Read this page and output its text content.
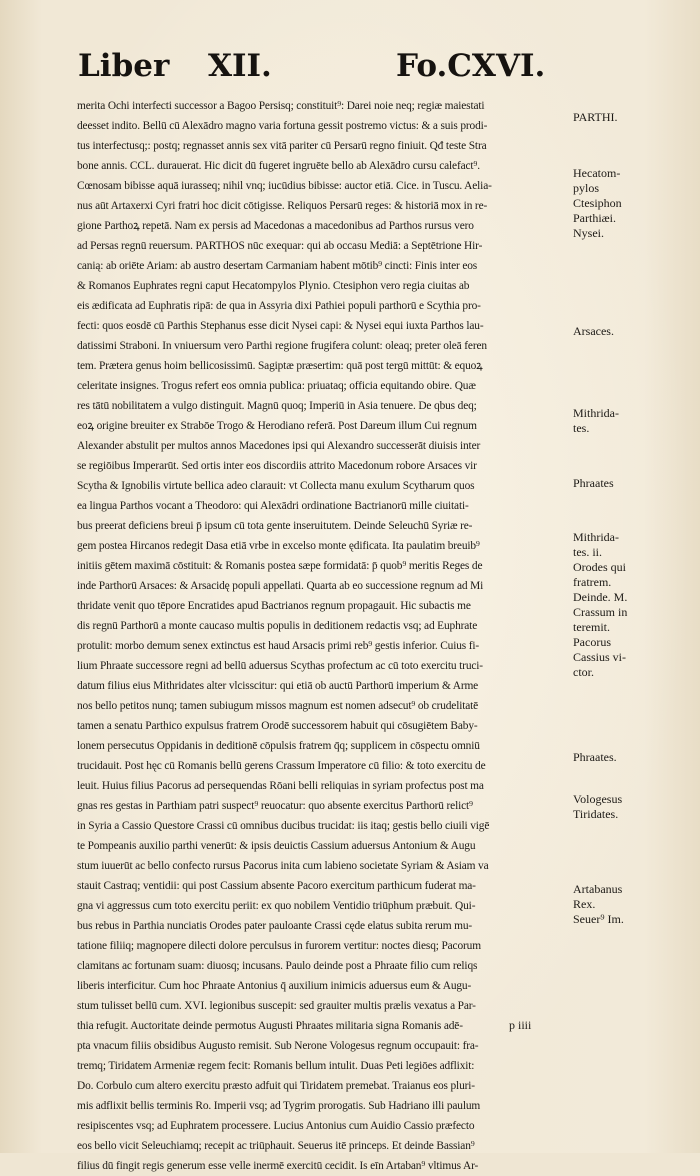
Liber XII.	Fo.CXVI.
merita Ochi interfecti successor a Bagoo Persisq; constituit⁹: Darei noie neq; regiæ maiestati
deesset indito. Bellū cū Alexādro magno varia fortuna gessit postremo victus: & a suis prodi-
tus interfectusq;: postq; regnasset annis sex vitā pariter cū Persarū regno finiuit. Qđ teste Stra
bone annis. CCL. durauerat. Hic dicit dū fugeret ingruēte bello ab Alexādro cursu calefact⁹.
Cœnosam bibisse aquā iurasseq; nihil vnq; iucūdius bibisse: auctor etiā. Cice. in Tuscu. Aelia-
nus aūt Artaxerxi Cyri fratri hoc dicit cōtigisse. Reliquos Persarū reges: & historiā mox in re-
gione Parthoꝝ repetā. Nam ex persis ad Macedonas a macedonibus ad Parthos rursus vero
ad Persas regnū reuersum. PARTHOS nūc exequar: qui ab occasu Mediā: a Septētrione Hir-
canią: ab oriēte Ariam: ab austro desertam Carmaniam habent mōtib⁹ cincti: Finis inter eos
& Romanos Euphrates regni caput Hecatompylos Plynio. Ctesiphon vero regia ciuitas ab
eis ædificata ad Euphratis ripā: de qua in Assyria dixi Pathiei populi parthorū e Scythia pro-
fecti: quos eosdē cū Parthis Stephanus esse dicit Nysei capi: & Nysei equi iuxta Parthos lau-
datissimi Straboni. In vniuersum vero Parthi regione frugifera colunt: oleaq; preter oleā feren
tem. Prætera genus hoim bellicosissimū. Sagiptæ præsertim: quā post tergū mittūt: & equoꝝ
celeritate insignes. Trogus refert eos omnia publica: priuataq; officia equitando obire. Quæ
res tātū nobilitatem a vulgo distinguit. Magnū quoq; Imperiū in Asia tenuere. De qbus deq;
eoꝝ origine breuiter ex Strabōe Trogo & Herodiano referā. Post Dareum illum Cui regnum
Alexander abstulit per multos annos Macedones ipsi qui Alexandro successerāt diuisis inter
se regiōibus Imperarūt. Sed ortis inter eos discordiis attrito Macedonum robore Arsaces vir
Scytha & Ignobilis virtute bellica adeo clarauit: vt Collecta manu exulum Scytharum quos
ea lingua Parthos vocant a Theodoro: qui Alexādri ordinatione Bactrianorū mille ciuitati-
bus preerat deficiens breui p̄ ipsum cū tota gente inseruitutem. Deinde Seleuchū Syriæ re-
gem postea Hircanos redegit Dasa etiā vrbe in excelso monte ędificata. Ita paulatim breuib⁹
initiis gētem maximā cōstituit: & Romanis postea sæpe formidatā: p̄ quob⁹ meritis Reges de
inde Parthorū Arsaces: & Arsacidę populi appellati. Quarta ab eo successione regnum ad Mi
thridate venit quo tēpore Encratides apud Bactrianos regnum propagauit. Hic subactis me
dis regnū Parthorū a monte caucaso multis populis in deditionem redactis vsq; ad Euphrate
protulit: morbo demum senex extinctus est haud Arsacis primi reb⁹ gestis inferior. Cuius fi-
lium Phraate successore regni ad bellū aduersus Scythas profectum ac cū toto exercitu truci-
datum filius eius Mithridates alter vlcisscitur: qui etiā ob auctū Parthorū imperium & Arme
nos bello petitos nunq; tamen subiugum missos magnum est nomen adsecut⁹ ob crudelitatē
tamen a senatu Parthico expulsus fratrem Orodē successorem habuit qui cōsugiētem Baby-
lonem persecutus Oppidanis in deditionē cōpulsis fratrem q̄q; supplicem in cōspectu omniū
trucidauit. Post hęc cū Romanis bellū gerens Crassum Imperatore cū filio: & toto exercitu de
leuit. Huius filius Pacorus ad persequendas Rōani belli reliquias in syriam profectus post ma
gnas res gestas in Parthiam patri suspect⁹ reuocatur: quo absente exercitus Parthorū relict⁹
in Syria a Cassio Questore Crassi cū omnibus ducibus trucidat: iis itaq; gestis bello ciuili vigē
te Pompeanis auxilio parthi venerūt: & ipsis deuictis Cassium aduersus Antonium & Augu
stum iuuerūt ac bello confecto rursus Pacorus inita cum labieno societate Syriam & Asiam va
stauit Castraq; ventidii: qui post Cassium absente Pacoro exercitum parthicum fuderat ma-
gna vi aggressus cum toto exercitu periit: ex quo nobilem Ventidio triūphum præbuit. Qui-
bus rebus in Parthia nunciatis Orodes pater pauloante Crassi cęde elatus subita rerum mu-
tatione filiiq; magnopere dilecti dolore perculsus in furorem vertitur: noctes diesq; Pacorum
clamitans ac fortunam suam: diuosq; incusans. Paulo deinde post a Phraate filio cum reliqs
liberis interficitur. Cum hoc Phraate Antonius q̄ auxilium inimicis aduersus eum & Augu-
stum tulisset bellū cum. XVI. legionibus suscepit: sed grauiter multis prælis vexatus a Par-
thia refugit. Auctoritate deinde permotus Augusti Phraates militaria signa Romanis adē-
pta vnacum filiis obsidibus Augusto remisit. Sub Nerone Vologesus regnum occupauit: fra-
tremq; Tiridatem Armeniæ regem fecit: Romanis bellum intulit. Duas Peti legiōes adflixit:
Do. Corbulo cum altero exercitu præsto adfuit qui Tiridatem premebat. Traianus eos pluri-
mis adflixit bellis terminis Ro. Imperii vsq; ad Tygrim prorogatis. Sub Hadriano illi paulum
resipiscentes vsq; ad Euphratem processere. Lucius Antonius cum Auidio Cassio præfecto
eos bello vicit Seleuchiamq; recepit ac triūphauit. Seuerus itē princeps. Et deinde Bassian⁹
filius dū fingit regis generum esse velle inermē exercitū cecidit. Is eīn Artaban⁹ vltimus Ar-
PARTHI.
Hecatom-
pylos
Ctesiphon
Parthiæi.
Nysei.
Arsaces.
Mithrida-
tes.
Phraates
Mithrida-
tes. ii.
Orodes qui
fratrem.
Deinde. M.
Crassum in
teremit.
Pacorus
Cassius vi-
ctor.
Phraates.
Vologesus
Tiridates.
Artabanus
Rex.
Seuer⁹ Im.
p iiii
